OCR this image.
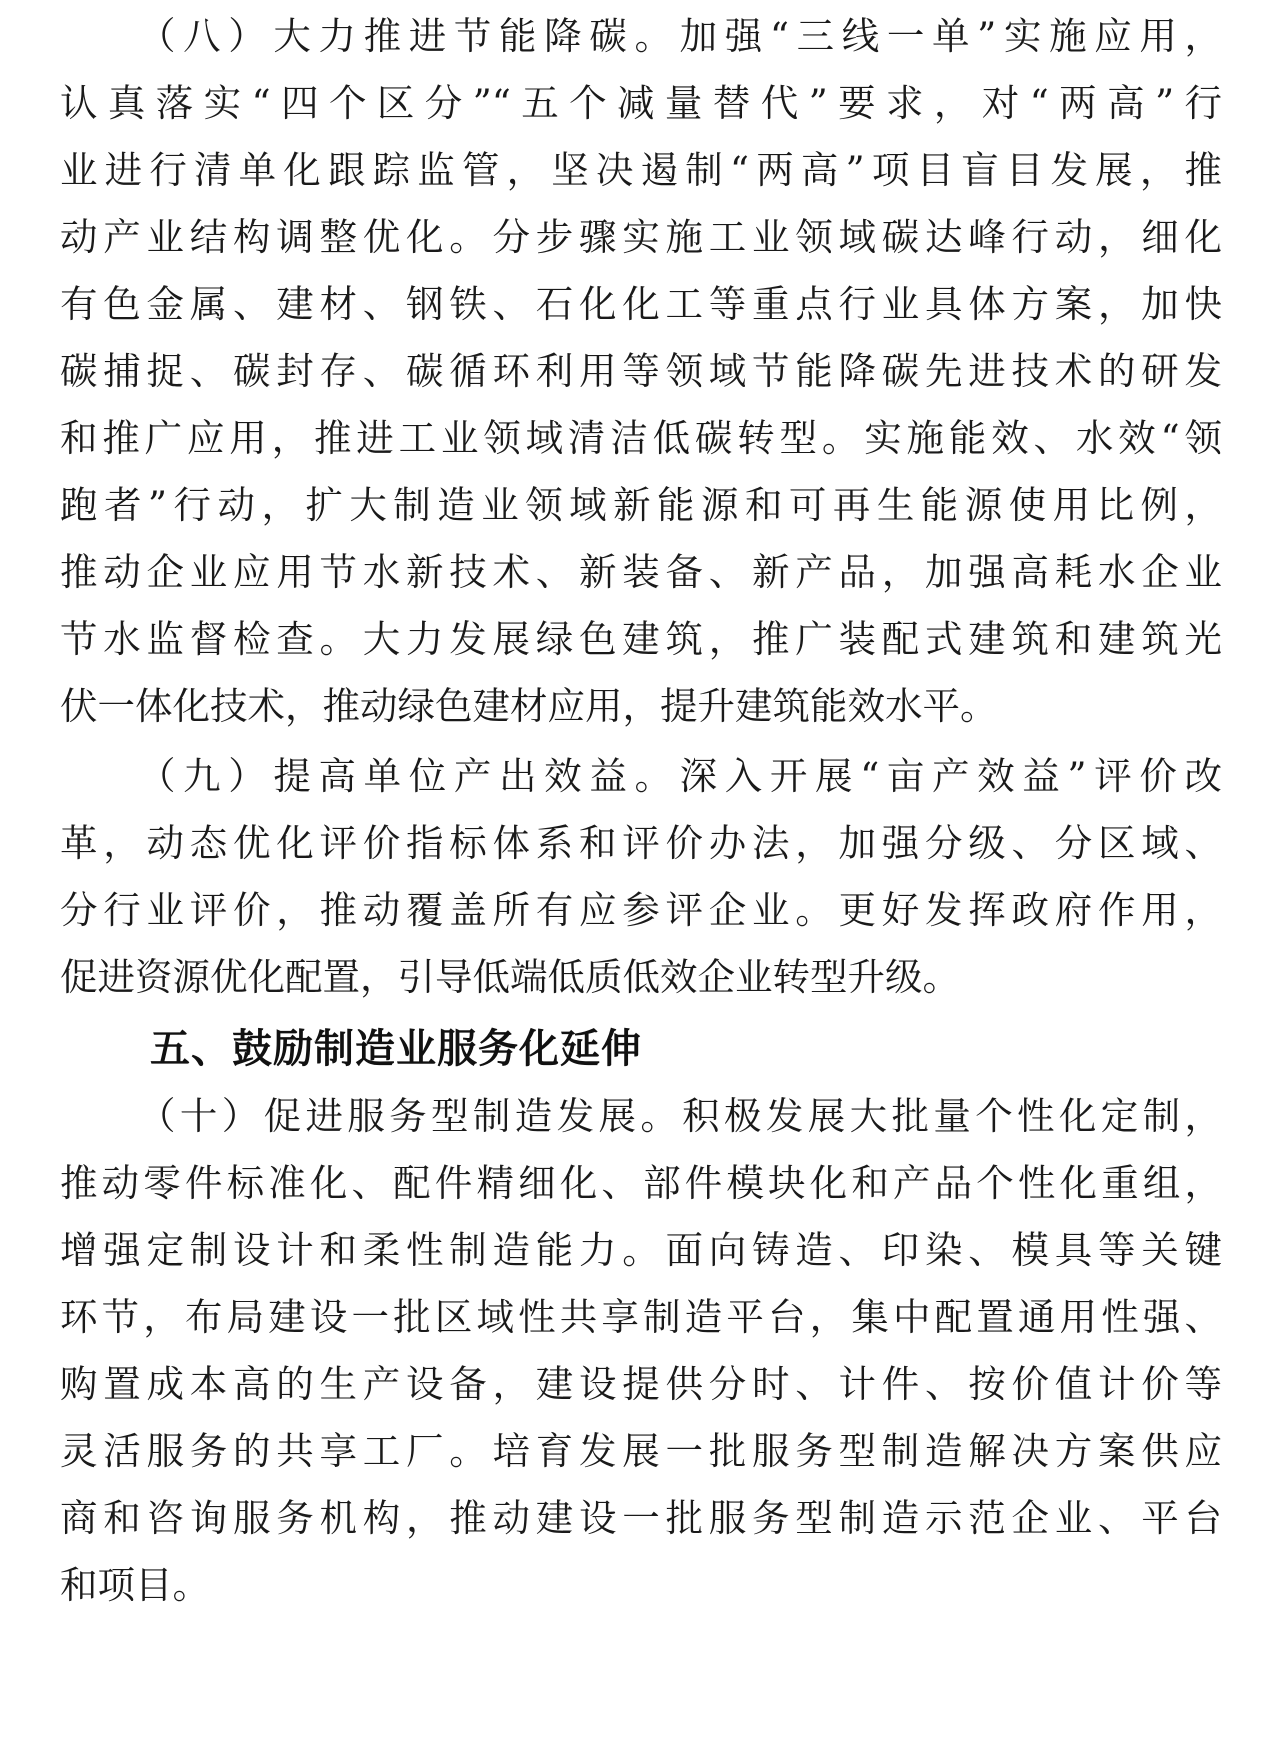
（八）大力推进节能降碳。加强“三线一单”实施应用，
认真落实“四个区分”“五个减量替代”要求，对“两高”行
业进行清单化跟踪监管，坚决遏制“两高”项目盲目发展，推
动产业结构调整优化。分步骤实施工业领域碳达峰行动，细化
有色金属、建材、钢铁、石化化工等重点行业具体方案，加快
碳捕捉、碳封存、碳循环利用等领域节能降碳先进技术的研发
和推广应用，推进工业领域清洁低碳转型。实施能效、水效“领
跑者”行动，扩大制造业领域新能源和可再生能源使用比例，
推动企业应用节水新技术、新装备、新产品，加强高耗水企业
节水监督检查。大力发展绿色建筑，推广装配式建筑和建筑光
伏一体化技术，推动绿色建材应用，提升建筑能效水平。
（九）提高单位产出效益。深入开展“亩产效益”评价改
革，动态优化评价指标体系和评价办法，加强分级、分区域、
分行业评价，推动覆盖所有应参评企业。更好发挥政府作用，
促进资源优化配置，引导低端低质低效企业转型升级。
五、鼓励制造业服务化延伸
（十）促进服务型制造发展。积极发展大批量个性化定制，
推动零件标准化、配件精细化、部件模块化和产品个性化重组，
增强定制设计和柔性制造能力。面向铸造、印染、模具等关键
环节，布局建设一批区域性共享制造平台，集中配置通用性强、
购置成本高的生产设备，建设提供分时、计件、按价值计价等
灵活服务的共享工厂。培育发展一批服务型制造解决方案供应
商和咨询服务机构，推动建设一批服务型制造示范企业、平台
和项目。
